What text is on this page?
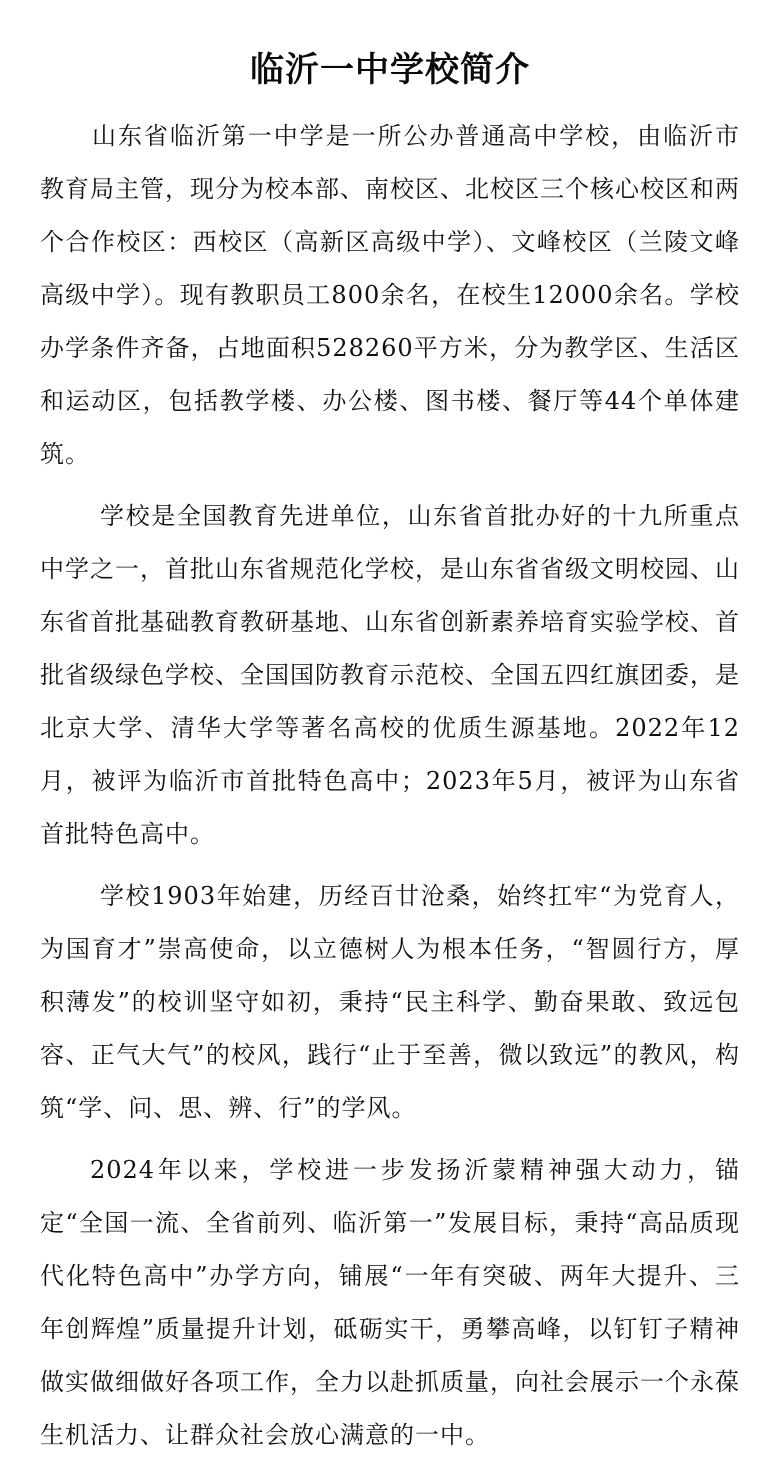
临沂一中学校简介

山东省临沂第一中学是一所公办普通高中学校，由临沂市教育局主管，现分为校本部、南校区、北校区三个核心校区和两个合作校区：西校区（高新区高级中学）、文峰校区（兰陵文峰高级中学）。现有教职员工800余名，在校生12000余名。学校办学条件齐备，占地面积528260平方米，分为教学区、生活区和运动区，包括教学楼、办公楼、图书楼、餐厅等44个单体建筑。

学校是全国教育先进单位，山东省首批办好的十九所重点中学之一，首批山东省规范化学校，是山东省省级文明校园、山东省首批基础教育教研基地、山东省创新素养培育实验学校、首批省级绿色学校、全国国防教育示范校、全国五四红旗团委，是北京大学、清华大学等著名高校的优质生源基地。2022年12月，被评为临沂市首批特色高中；2023年5月，被评为山东省首批特色高中。

学校1903年始建，历经百廿沧桑，始终扛牢“为党育人，为国育才”崇高使命，以立德树人为根本任务，“智圆行方，厚积薄发”的校训坚守如初，秉持“民主科学、勤奋果敢、致远包容、正气大气”的校风，践行“止于至善，微以致远”的教风，构筑“学、问、思、辨、行”的学风。

2024年以来，学校进一步发扬沂蒙精神强大动力，锚定“全国一流、全省前列、临沂第一”发展目标，秉持“高品质现代化特色高中”办学方向，铺展“一年有突破、两年大提升、三年创辉煌”质量提升计划，砥砺实干，勇攀高峰，以钉钉子精神做实做细做好各项工作，全力以赴抓质量，向社会展示一个永葆生机活力、让群众社会放心满意的一中。
